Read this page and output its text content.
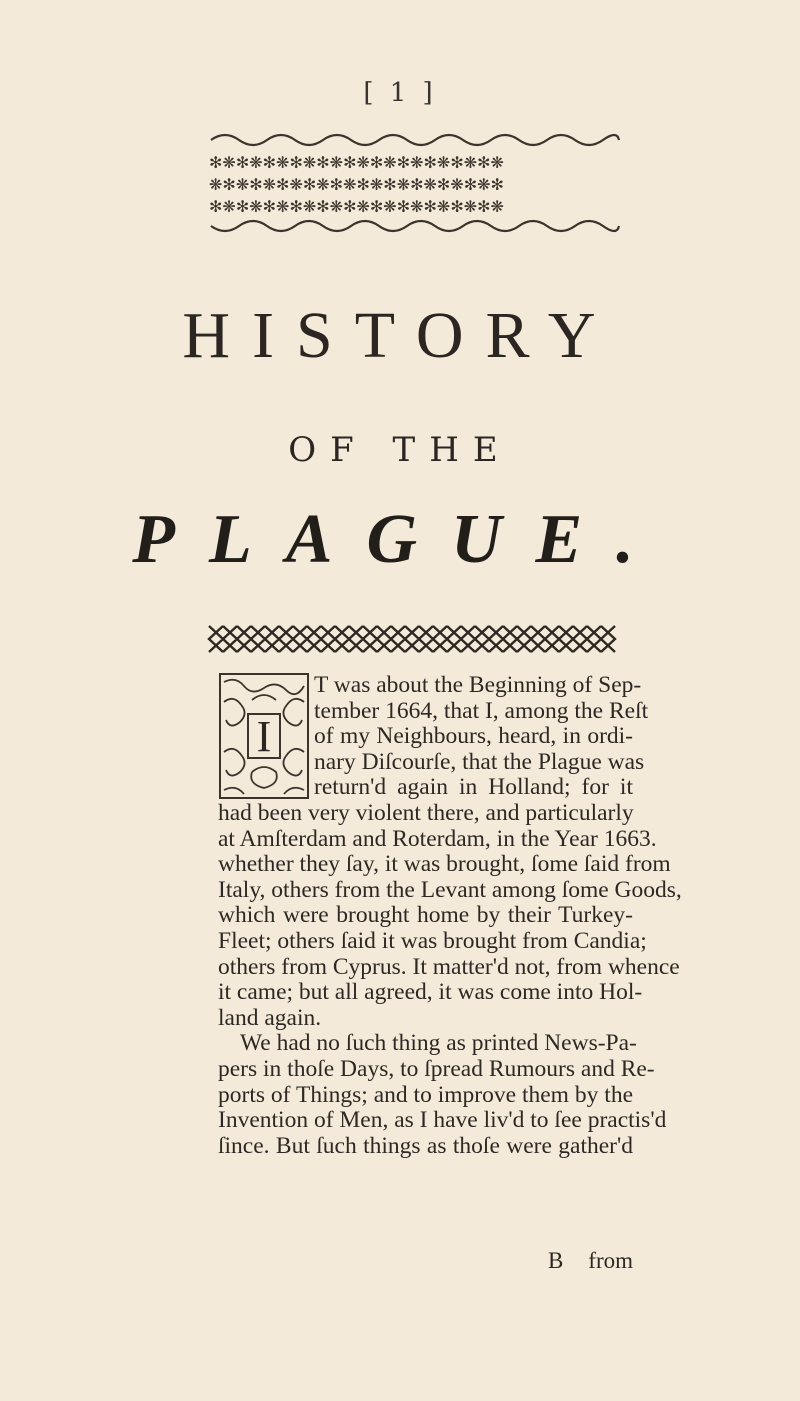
[ 1 ]
✻❋✻❋✻❋✻❋✻❋✻❋✻❋✻❋✻❋✻❋✻❋
❋✻❋✻❋✻❋✻❋✻❋✻❋✻❋✻❋✻❋✻❋✻
✻❋✻❋✻❋✻❋✻❋✻❋✻❋✻❋✻❋✻❋✻❋
HISTORY
OF THE
PLAGUE.
I
T was about the Beginning of Sep-
tember 1664, that I, among the Reſt
of my Neighbours, heard, in ordi-
nary Diſcourſe, that the Plague was
return'd again in Holland; for it
had been very violent there, and particularly
at Amſterdam and Roterdam, in the Year 1663.
whether they ſay, it was brought, ſome ſaid from
Italy, others from the Levant among ſome Goods,
which were brought home by their Turkey-
Fleet; others ſaid it was brought from Candia;
others from Cyprus. It matter'd not, from whence
it came; but all agreed, it was come into Hol-
land again.
We had no ſuch thing as printed News-Pa-
pers in thoſe Days, to ſpread Rumours and Re-
ports of Things; and to improve them by the
Invention of Men, as I have liv'd to ſee practis'd
ſince. But ſuch things as thoſe were gather'd
B from
